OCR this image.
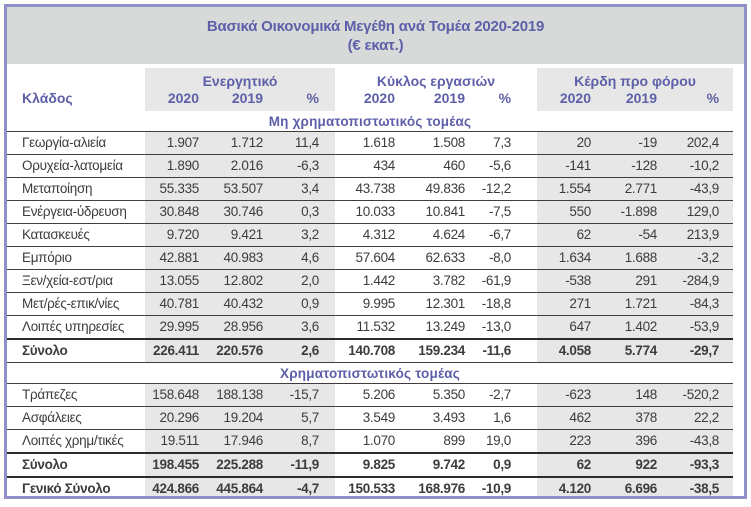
Βασικά Οικονομικά Μεγέθη ανά Τομέα 2020-2019
(€ εκατ.)
Κλάδος	Ενεργητικό			Κύκλος εργασιών			Κέρδη προ φόρου		
	2020	2019	%	2020	2019	%	2020	2019	%
Μη χρηματοπιστωτικός τομέας									
Γεωργία-αλιεία	1.907	1.712	11,4	1.618	1.508	7,3	20	-19	202,4
Ορυχεία-λατομεία	1.890	2.016	-6,3	434	460	-5,6	-141	-128	-10,2
Μεταποίηση	55.335	53.507	3,4	43.738	49.836	-12,2	1.554	2.771	-43,9
Ενέργεια-ύδρευση	30.848	30.746	0,3	10.033	10.841	-7,5	550	-1.898	129,0
Κατασκευές	9.720	9.421	3,2	4.312	4.624	-6,7	62	-54	213,9
Εμπόριο	42.881	40.983	4,6	57.604	62.633	-8,0	1.634	1.688	-3,2
Ξεν/χεία-εστ/ρια	13.055	12.802	2,0	1.442	3.782	-61,9	-538	291	-284,9
Μετ/ρές-επικ/νίες	40.781	40.432	0,9	9.995	12.301	-18,8	271	1.721	-84,3
Λοιπές υπηρεσίες	29.995	28.956	3,6	11.532	13.249	-13,0	647	1.402	-53,9
Σύνολο	226.411	220.576	2,6	140.708	159.234	-11,6	4.058	5.774	-29,7
Χρηματοπιστωτικός τομέας									
Τράπεζες	158.648	188.138	-15,7	5.206	5.350	-2,7	-623	148	-520,2
Ασφάλειες	20.296	19.204	5,7	3.549	3.493	1,6	462	378	22,2
Λοιπές χρημ/τικές	19.511	17.946	8,7	1.070	899	19,0	223	396	-43,8
Σύνολο	198.455	225.288	-11,9	9.825	9.742	0,9	62	922	-93,3
Γενικό Σύνολο	424.866	445.864	-4,7	150.533	168.976	-10,9	4.120	6.696	-38,5
